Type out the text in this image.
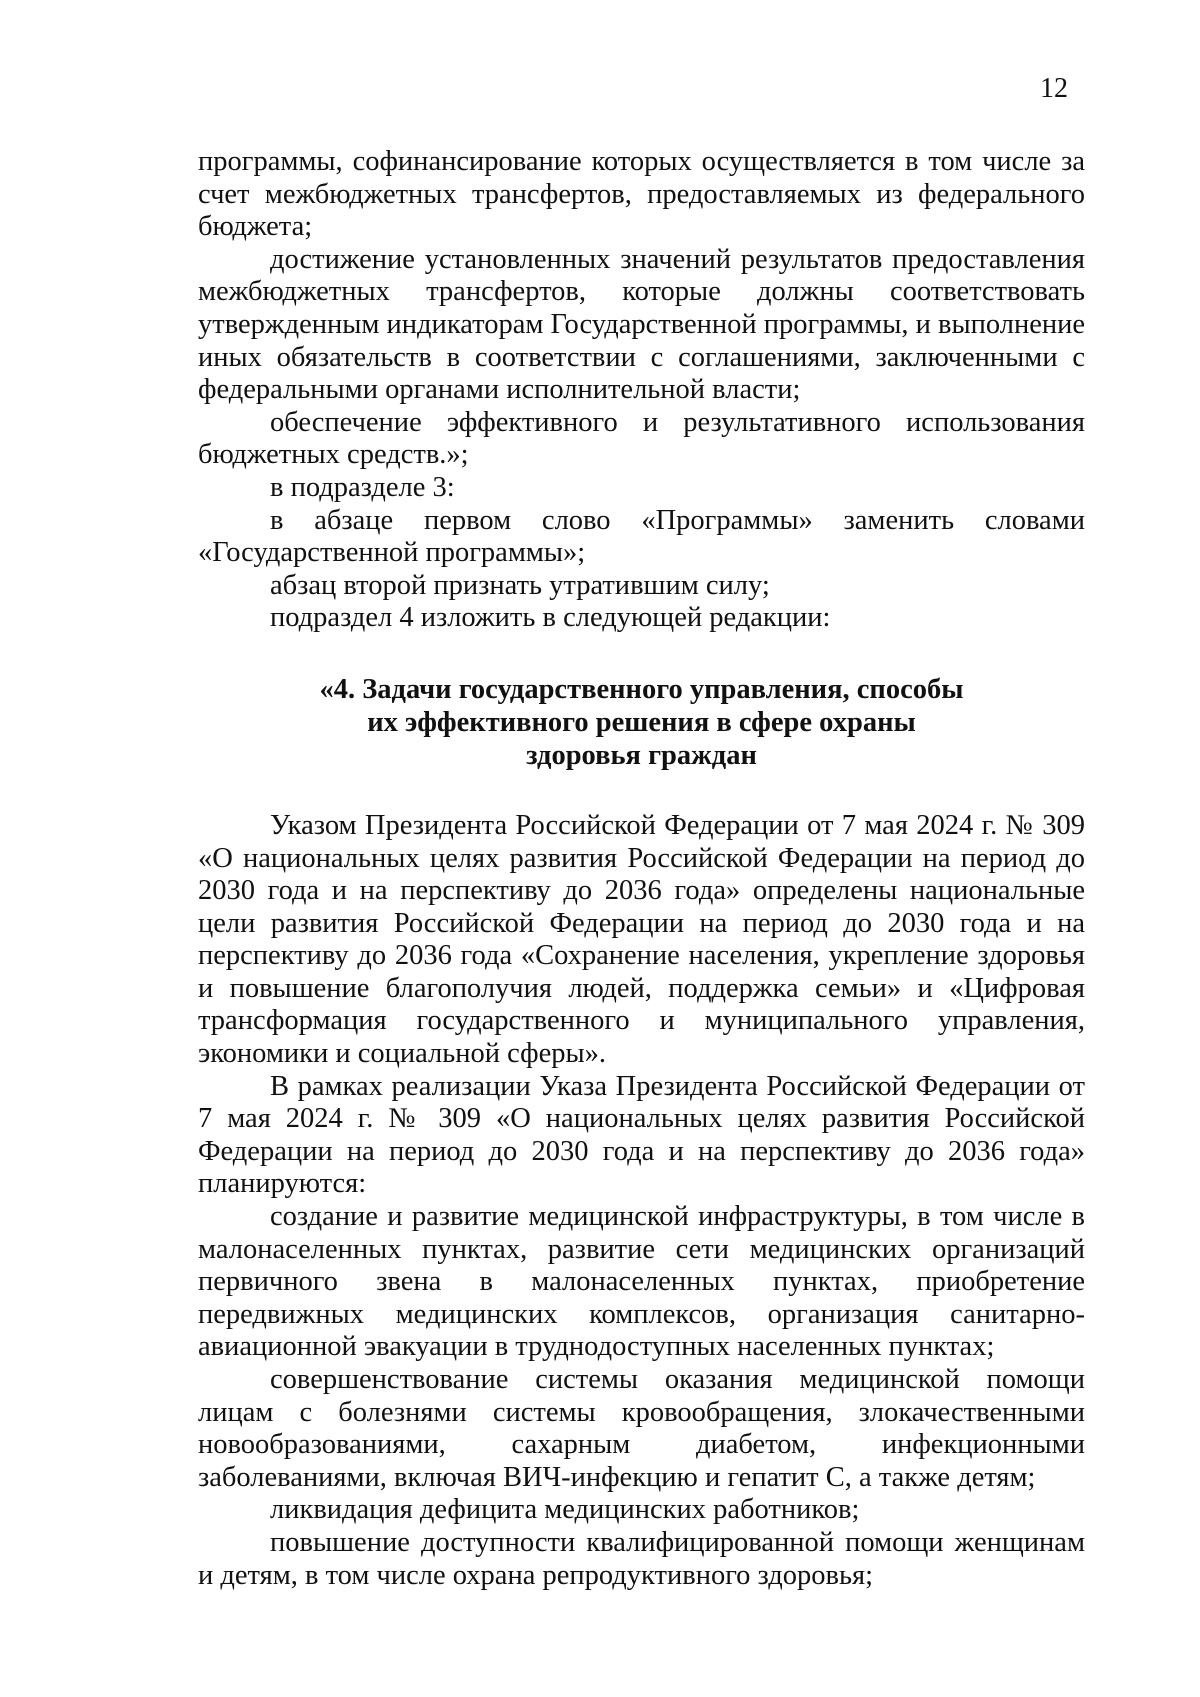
12

программы, софинансирование которых осуществляется в том числе за счет межбюджетных трансфертов, предоставляемых из федерального бюджета;

достижение установленных значений результатов предоставления межбюджетных трансфертов, которые должны соответствовать утвержденным индикаторам Государственной программы, и выполнение иных обязательств в соответствии с соглашениями, заключенными с федеральными органами исполнительной власти;

обеспечение эффективного и результативного использования бюджетных средств.»;

в подразделе 3:

в абзаце первом слово «Программы» заменить словами «Государственной программы»;

абзац второй признать утратившим силу;

подраздел 4 изложить в следующей редакции:

«4. Задачи государственного управления, способы
их эффективного решения в сфере охраны
здоровья граждан

Указом Президента Российской Федерации от 7 мая 2024 г. № 309 «О национальных целях развития Российской Федерации на период до 2030 года и на перспективу до 2036 года» определены национальные цели развития Российской Федерации на период до 2030 года и на перспективу до 2036 года «Сохранение населения, укрепление здоровья и повышение благополучия людей, поддержка семьи» и «Цифровая трансформация государственного и муниципального управления, экономики и социальной сферы».

В рамках реализации Указа Президента Российской Федерации от 7 мая 2024 г. № 309 «О национальных целях развития Российской Федерации на период до 2030 года и на перспективу до 2036 года» планируются:

создание и развитие медицинской инфраструктуры, в том числе в малонаселенных пунктах, развитие сети медицинских организаций первичного звена в малонаселенных пунктах, приобретение передвижных медицинских комплексов, организация санитарно-авиационной эвакуации в труднодоступных населенных пунктах;

совершенствование системы оказания медицинской помощи лицам с болезнями системы кровообращения, злокачественными новообразованиями, сахарным диабетом, инфекционными заболеваниями, включая ВИЧ-инфекцию и гепатит С, а также детям;

ликвидация дефицита медицинских работников;

повышение доступности квалифицированной помощи женщинам и детям, в том числе охрана репродуктивного здоровья;
